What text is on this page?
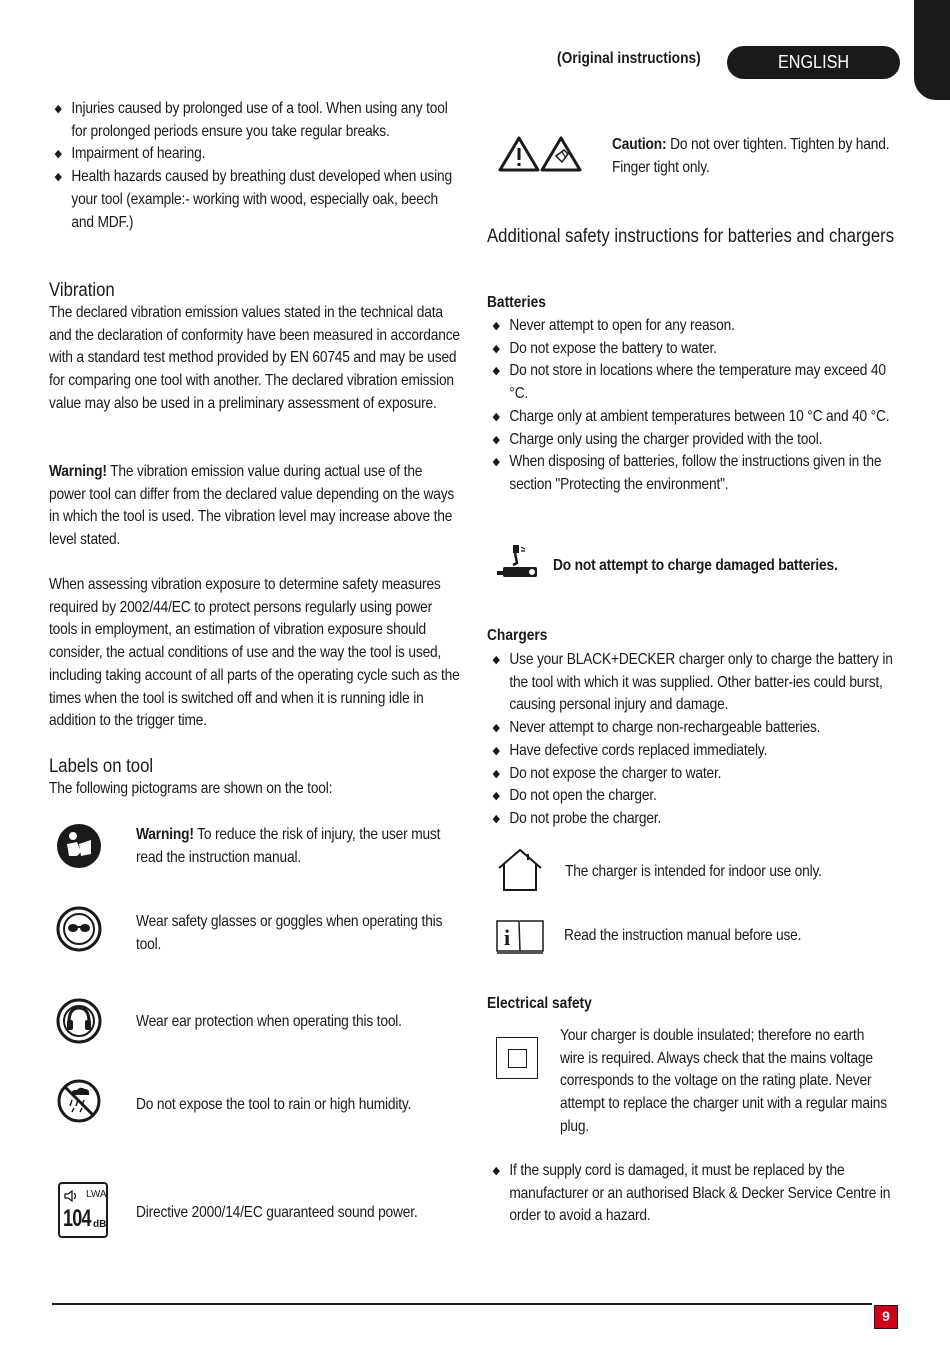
(Original instructions)	ENGLISH
Injuries caused by prolonged use of a tool. When using any tool for prolonged periods ensure you take regular breaks.
Impairment of hearing.
Health hazards caused by breathing dust developed when using your tool (example:- working with wood, especially oak, beech and MDF.)
Vibration
The declared vibration emission values stated in the technical data and the declaration of conformity have been measured in accordance with a standard test method provided by EN 60745 and may be used for comparing one tool with another. The declared vibration emission value may also be used in a preliminary assessment of exposure.
Warning! The vibration emission value during actual use of the power tool can differ from the declared value depending on the ways in which the tool is used. The vibration level may increase above the level stated.
When assessing vibration exposure to determine safety measures required by 2002/44/EC to protect persons regularly using power tools in employment, an estimation of vibration exposure should consider, the actual conditions of use and the way the tool is used, including taking account of all parts of the operating cycle such as the times when the tool is switched off and when it is running idle in addition to the trigger time.
Labels on tool
The following pictograms are shown on the tool:
Warning! To reduce the risk of injury, the user must read the instruction manual.
Wear safety glasses or goggles when operating this tool.
Wear ear protection when operating this tool.
Do not expose the tool to rain or high humidity.
LWA
104 dB
Directive 2000/14/EC guaranteed sound power.
Caution: Do not over tighten. Tighten by hand. Finger tight only.
Additional safety instructions for batteries and chargers
Batteries
Never attempt to open for any reason.
Do not expose the battery to water.
Do not store in locations where the temperature may exceed 40 °C.
Charge only at ambient temperatures between 10 °C and 40 °C.
Charge only using the charger provided with the tool.
When disposing of batteries, follow the instructions given in the section "Protecting the environment".
Do not attempt to charge damaged batteries.
Chargers
Use your BLACK+DECKER charger only to charge the battery in the tool with which it was supplied. Other batter-ies could burst, causing personal injury and damage.
Never attempt to charge non-rechargeable batteries.
Have defective cords replaced immediately.
Do not expose the charger to water.
Do not open the charger.
Do not probe the charger.
The charger is intended for indoor use only.
i	Read the instruction manual before use.
Electrical safety
Your charger is double insulated; therefore no earth wire is required. Always check that the mains voltage corresponds to the voltage on the rating plate. Never attempt to replace the charger unit with a regular mains plug.
If the supply cord is damaged, it must be replaced by the manufacturer or an authorised Black & Decker Service Centre in order to avoid a hazard.
9
